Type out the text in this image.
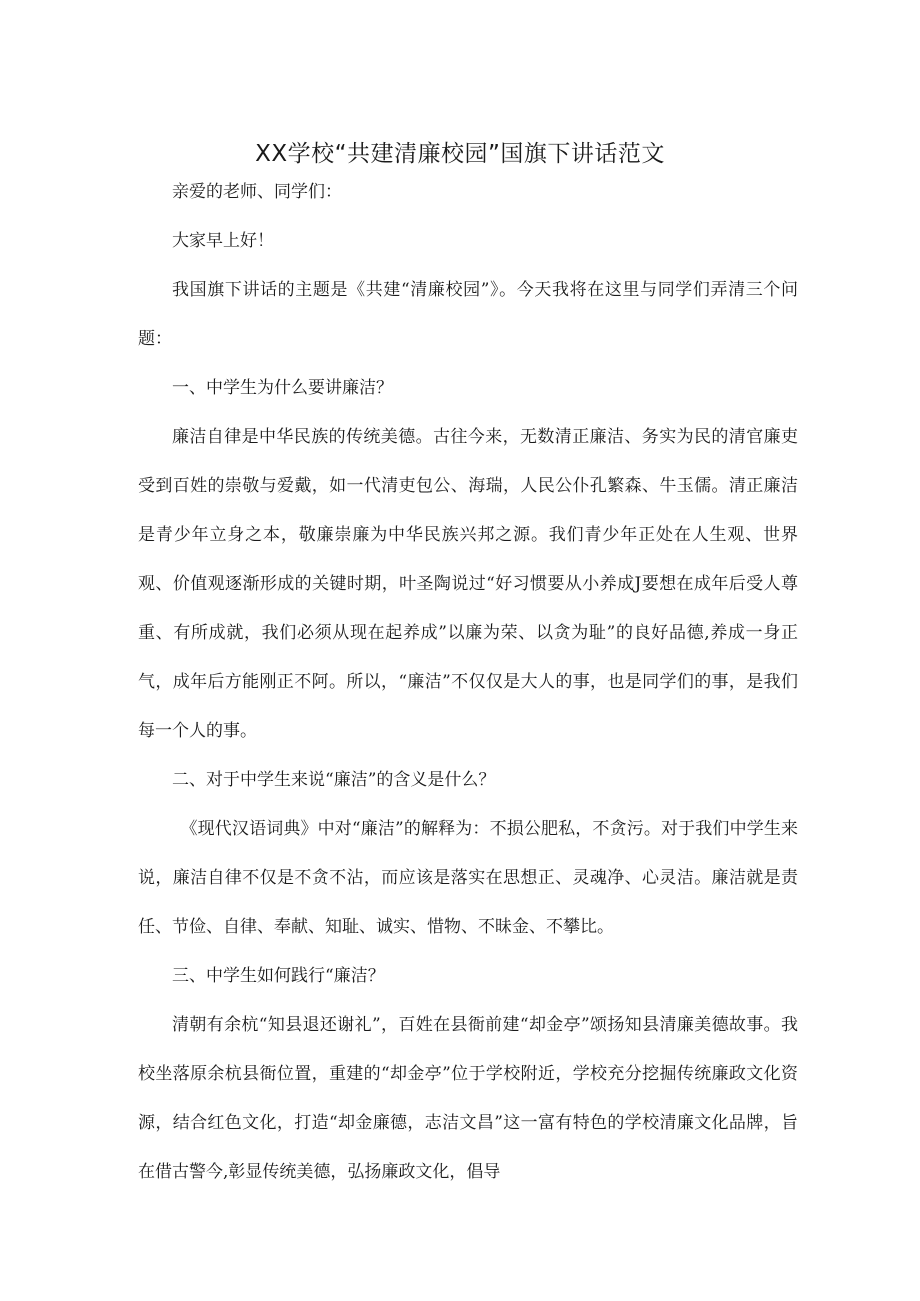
XX学校“共建清廉校园”国旗下讲话范文

亲爱的老师、同学们：

大家早上好！

我国旗下讲话的主题是《共建“清廉校园”》。今天我将在这里与同学们弄清三个问题：

一、中学生为什么要讲廉洁？

廉洁自律是中华民族的传统美德。古往今来，无数清正廉洁、务实为民的清官廉吏受到百姓的崇敬与爱戴，如一代清吏包公、海瑞，人民公仆孔繁森、牛玉儒。清正廉洁是青少年立身之本，敬廉崇廉为中华民族兴邦之源。我们青少年正处在人生观、世界观、价值观逐渐形成的关键时期，叶圣陶说过“好习惯要从小养成J要想在成年后受人尊重、有所成就，我们必须从现在起养成”以廉为荣、以贪为耻”的良好品德,养成一身正气，成年后方能刚正不阿。所以，“廉洁”不仅仅是大人的事，也是同学们的事，是我们每一个人的事。

二、对于中学生来说“廉洁”的含义是什么？

《现代汉语词典》中对“廉洁”的解释为：不损公肥私，不贪污。对于我们中学生来说，廉洁自律不仅是不贪不沾，而应该是落实在思想正、灵魂净、心灵洁。廉洁就是责任、节俭、自律、奉献、知耻、诚实、惜物、不昧金、不攀比。

三、中学生如何践行“廉洁？

清朝有余杭“知县退还谢礼”，百姓在县衙前建“却金亭”颂扬知县清廉美德故事。我校坐落原余杭县衙位置，重建的“却金亭”位于学校附近，学校充分挖掘传统廉政文化资源，结合红色文化，打造“却金廉德，志洁文昌”这一富有特色的学校清廉文化品牌，旨在借古警今,彰显传统美德，弘扬廉政文化，倡导
